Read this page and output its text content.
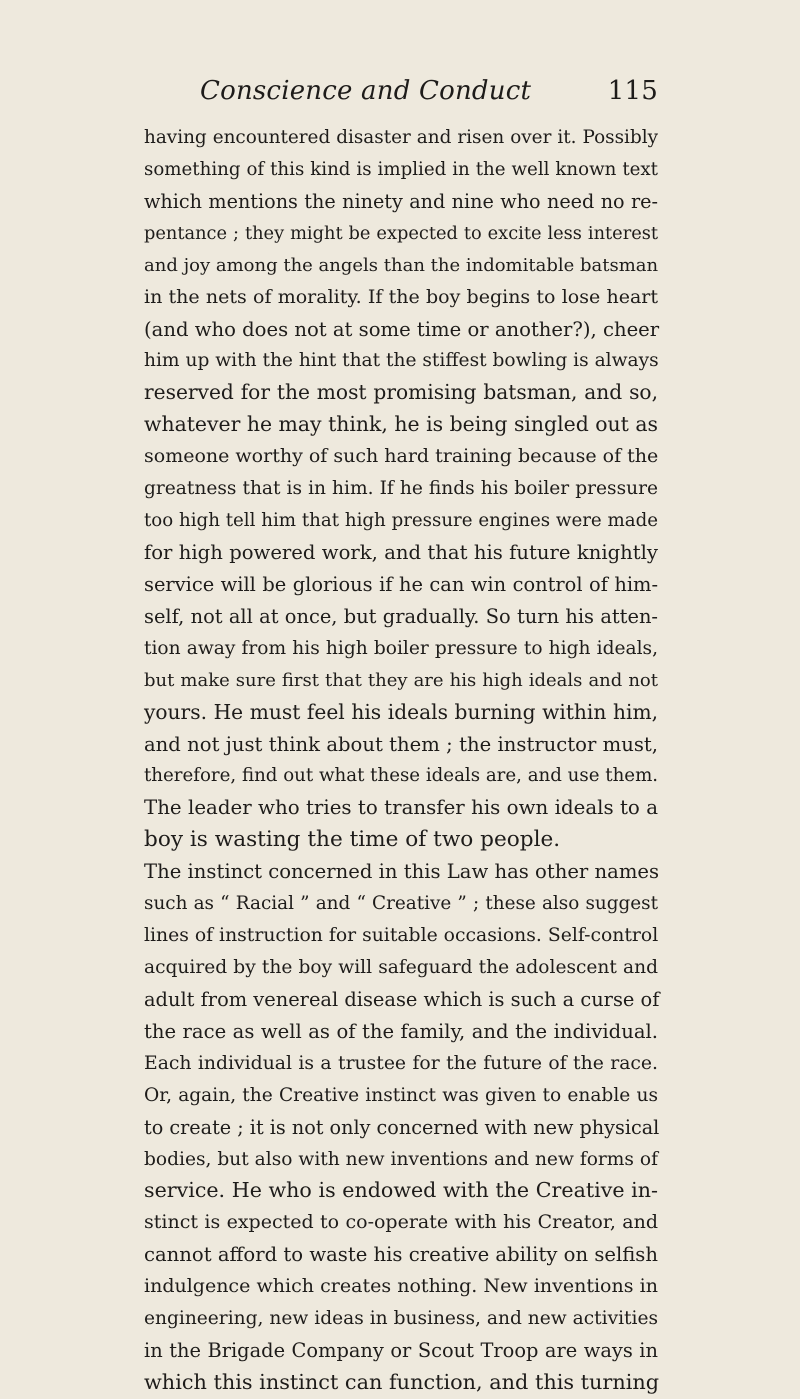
Conscience and Conduct	115
having encountered disaster and risen over it. Possibly
something of this kind is implied in the well known text
which mentions the ninety and nine who need no re-
pentance ; they might be expected to excite less interest
and joy among the angels than the indomitable batsman
in the nets of morality. If the boy begins to lose heart
(and who does not at some time or another?), cheer
him up with the hint that the stiffest bowling is always
reserved for the most promising batsman, and so,
whatever he may think, he is being singled out as
someone worthy of such hard training because of the
greatness that is in him. If he finds his boiler pressure
too high tell him that high pressure engines were made
for high powered work, and that his future knightly
service will be glorious if he can win control of him-
self, not all at once, but gradually. So turn his atten-
tion away from his high boiler pressure to high ideals,
but make sure first that they are his high ideals and not
yours. He must feel his ideals burning within him,
and not just think about them ; the instructor must,
therefore, find out what these ideals are, and use them.
The leader who tries to transfer his own ideals to a
boy is wasting the time of two people.
The instinct concerned in this Law has other names
such as “ Racial ” and “ Creative ” ; these also suggest
lines of instruction for suitable occasions. Self-control
acquired by the boy will safeguard the adolescent and
adult from venereal disease which is such a curse of
the race as well as of the family, and the individual.
Each individual is a trustee for the future of the race.
Or, again, the Creative instinct was given to enable us
to create ; it is not only concerned with new physical
bodies, but also with new inventions and new forms of
service. He who is endowed with the Creative in-
stinct is expected to co-operate with his Creator, and
cannot afford to waste his creative ability on selfish
indulgence which creates nothing. New inventions in
engineering, new ideas in business, and new activities
in the Brigade Company or Scout Troop are ways in
which this instinct can function, and this turning
